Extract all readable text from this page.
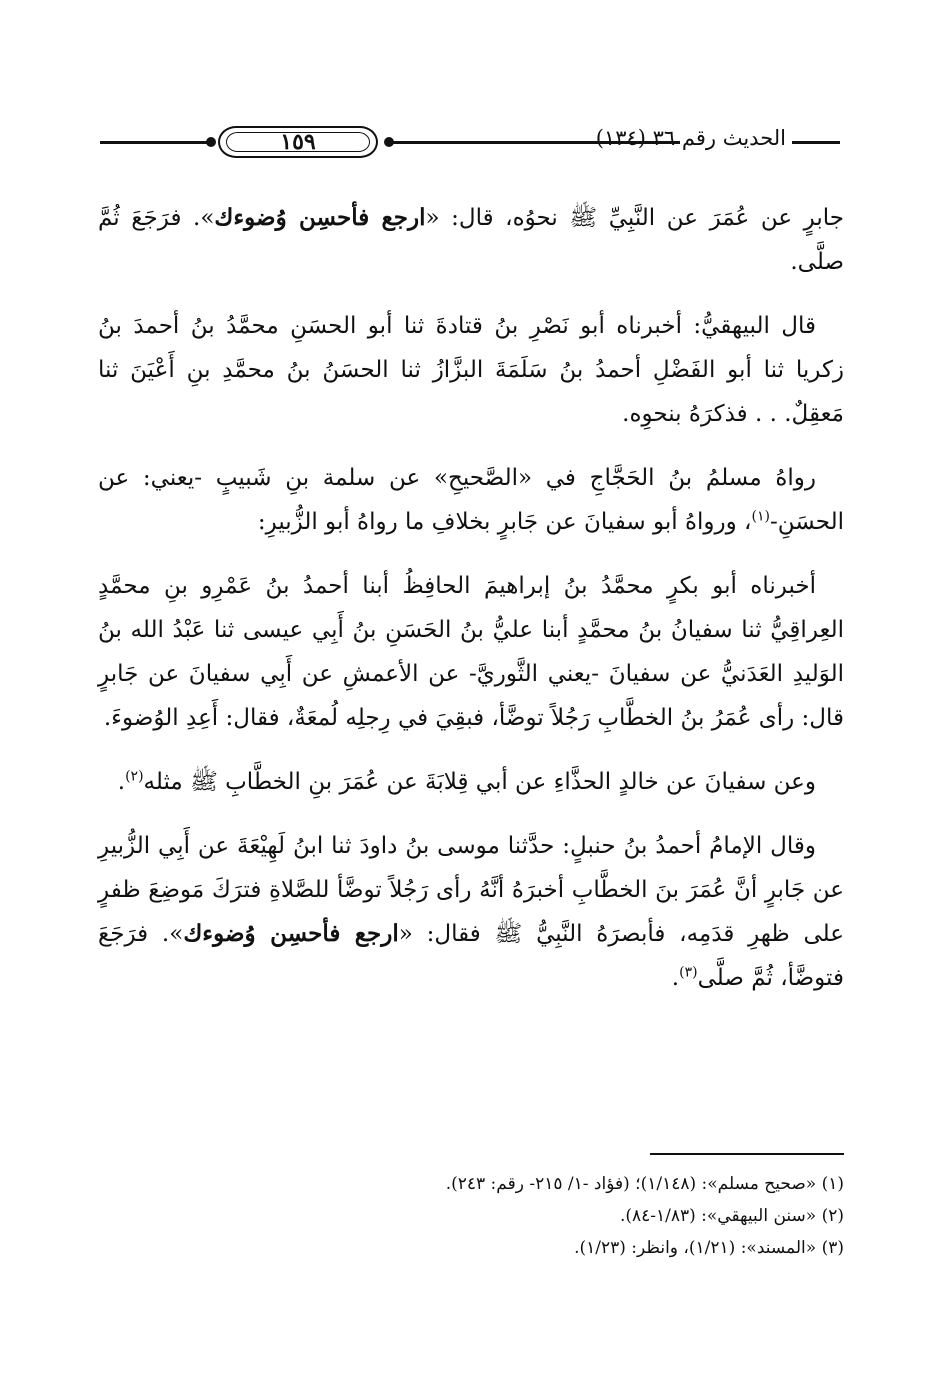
١٥٩	الحديث رقم ٣٦ (١٣٤)

جابرٍ عن عُمَرَ عن النَّبِيِّ ﷺ نحوُه، قال: «ارجع فأحسِن وُضوءك». فرَجَعَ ثُمَّ صلَّى.

قال البيهقيُّ: أخبرناه أبو نَصْرِ بنُ قتادةَ ثنا أبو الحسَنِ محمَّدُ بنُ أحمدَ بنُ زكريا ثنا أبو الفَضْلِ أحمدُ بنُ سَلَمَةَ البزَّازُ ثنا الحسَنُ بنُ محمَّدِ بنِ أَعْيَنَ ثنا مَعقِلٌ. . . فذكرَهُ بنحوِه.

رواهُ مسلمُ بنُ الحَجَّاجِ في «الصَّحيحِ» عن سلمة بنِ شَبيبٍ -يعني: عن الحسَنِ-$^{(١)}$، ورواهُ أبو سفيانَ عن جَابرٍ بخلافِ ما رواهُ أبو الزُّبيرِ:

أخبرناه أبو بكرٍ محمَّدُ بنُ إبراهيمَ الحافِظُ أبنا أحمدُ بنُ عَمْرِو بنِ محمَّدٍ العِراقِيُّ ثنا سفيانُ بنُ محمَّدٍ أبنا عليُّ بنُ الحَسَنِ بنُ أَبِي عيسى ثنا عَبْدُ الله بنُ الوَليدِ العَدَنيُّ عن سفيانَ -يعني الثَّوريَّ- عن الأعمشِ عن أَبِي سفيانَ عن جَابرٍ قال: رأى عُمَرُ بنُ الخطَّابِ رَجُلاً توضَّأ، فبقِيَ في رِجلِه لُمعَةٌ، فقال: أَعِدِ الوُضوءَ.

وعن سفيانَ عن خالدٍ الحذَّاءِ عن أبي قِلابَةَ عن عُمَرَ بنِ الخطَّابِ ﷺ مثله$^{(٢)}$.

وقال الإمامُ أحمدُ بنُ حنبلٍ: حدَّثنا موسى بنُ داودَ ثنا ابنُ لَهِيْعَةَ عن أَبِي الزُّبيرِ عن جَابرٍ أنَّ عُمَرَ بنَ الخطَّابِ أخبرَهُ أنَّهُ رأى رَجُلاً توضَّأ للصَّلاةِ فترَكَ مَوضِعَ ظفرٍ على ظهرِ قدَمِه، فأبصرَهُ النَّبِيُّ ﷺ فقال: «ارجع فأحسِن وُضوءك». فرَجَعَ فتوضَّأ، ثُمَّ صلَّى$^{(٣)}$.

(١) «صحيح مسلم»: (١/١٤٨)؛ (فؤاد -١/ ٢١٥- رقم: ٢٤٣).
(٢) «سنن البيهقي»: (١/٨٣-٨٤).
(٣) «المسند»: (١/٢١)، وانظر: (١/٢٣).
